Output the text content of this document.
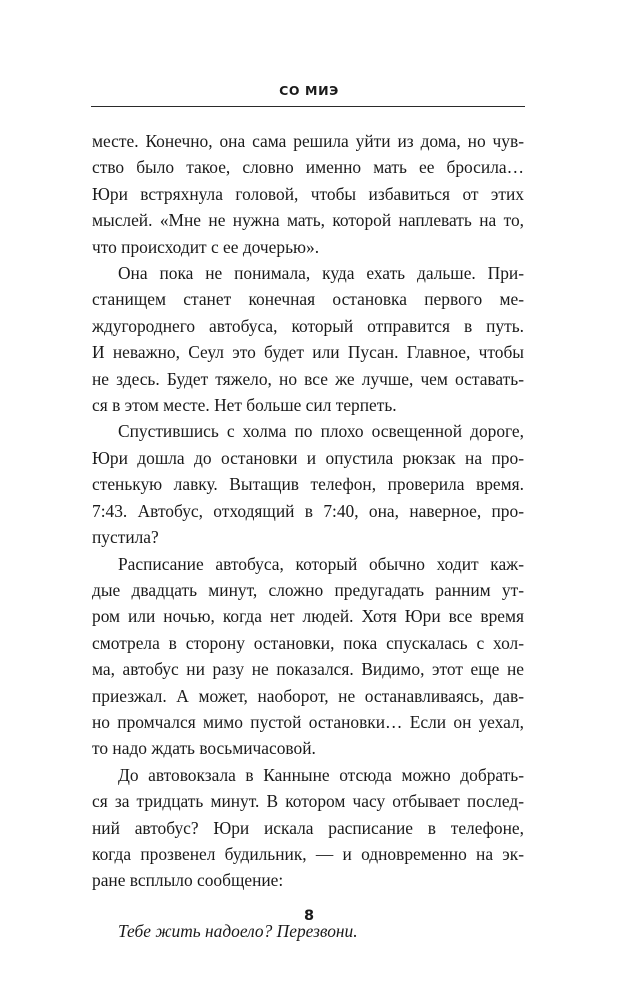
СО МИЭ
месте. Конечно, она сама решила уйти из дома, но чув-
ство было такое, словно именно мать ее бросила…
Юри встряхнула головой, чтобы избавиться от этих
мыслей. «Мне не нужна мать, которой наплевать на то,
что происходит с ее дочерью».
Она пока не понимала, куда ехать дальше. При-
станищем станет конечная остановка первого ме-
ждугороднего автобуса, который отправится в путь.
И неважно, Сеул это будет или Пусан. Главное, чтобы
не здесь. Будет тяжело, но все же лучше, чем оставать-
ся в этом месте. Нет больше сил терпеть.
Спустившись с холма по плохо освещенной дороге,
Юри дошла до остановки и опустила рюкзак на про-
стенькую лавку. Вытащив телефон, проверила время.
7:43. Автобус, отходящий в 7:40, она, наверное, про-
пустила?
Расписание автобуса, который обычно ходит каж-
дые двадцать минут, сложно предугадать ранним ут-
ром или ночью, когда нет людей. Хотя Юри все время
смотрела в сторону остановки, пока спускалась с хол-
ма, автобус ни разу не показался. Видимо, этот еще не
приезжал. А может, наоборот, не останавливаясь, дав-
но промчался мимо пустой остановки… Если он уехал,
то надо ждать восьмичасовой.
До автовокзала в Канныне отсюда можно добрать-
ся за тридцать минут. В котором часу отбывает послед-
ний автобус? Юри искала расписание в телефоне,
когда прозвенел будильник, — и одновременно на эк-
ране всплыло сообщение:
Тебе жить надоело? Перезвони.
8
